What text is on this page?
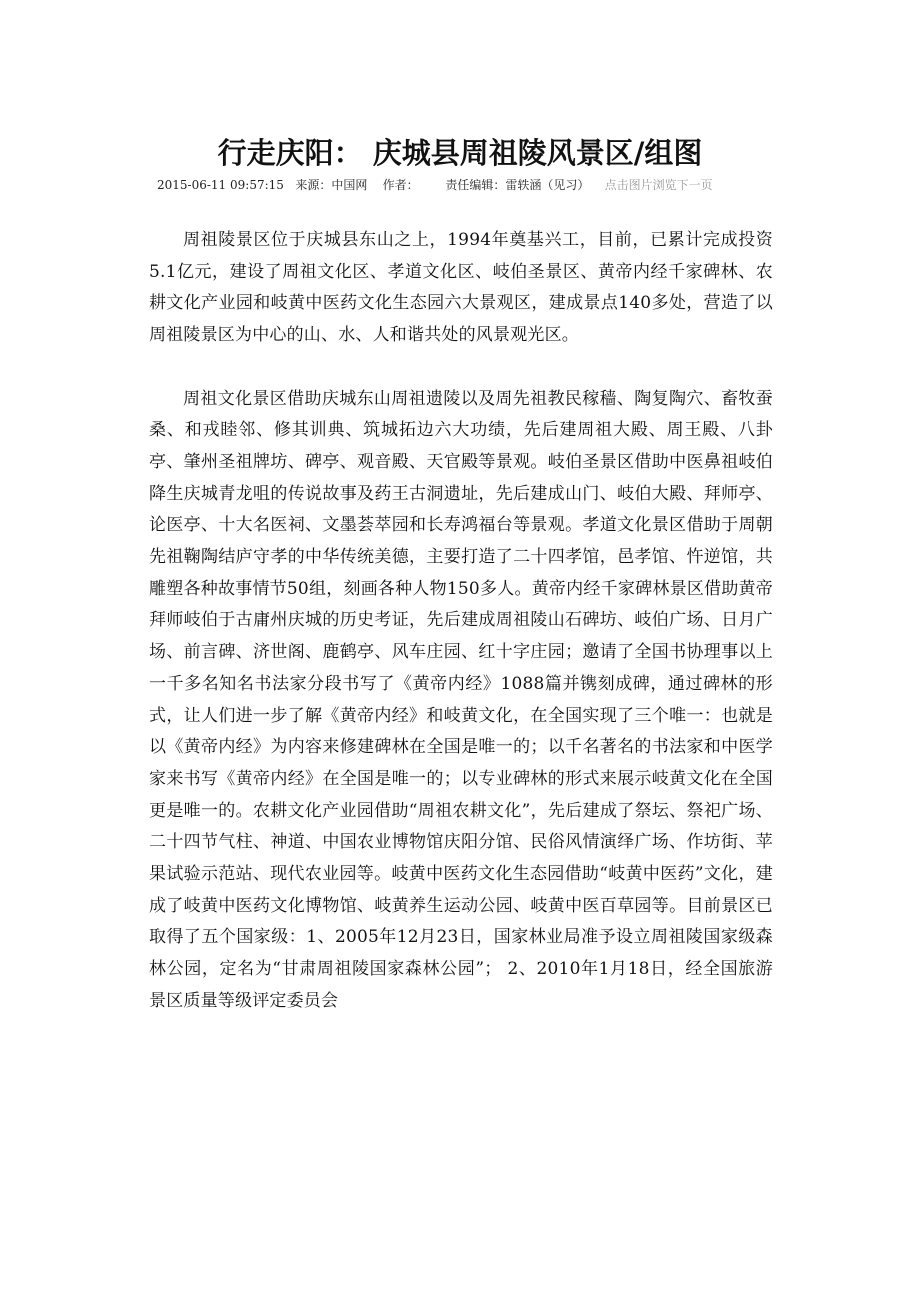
行走庆阳： 庆城县周祖陵风景区/组图
2015-06-11 09:57:15 来源：中国网 作者： 责任编辑：雷轶涵（见习） 点击图片浏览下一页

周祖陵景区位于庆城县东山之上，1994年奠基兴工，目前，已累计完成投资5.1亿元，建设了周祖文化区、孝道文化区、岐伯圣景区、黄帝内经千家碑林、农耕文化产业园和岐黄中医药文化生态园六大景观区，建成景点140多处，营造了以周祖陵景区为中心的山、水、人和谐共处的风景观光区。

周祖文化景区借助庆城东山周祖遗陵以及周先祖教民稼穑、陶复陶穴、畜牧蚕桑、和戎睦邻、修其训典、筑城拓边六大功绩，先后建周祖大殿、周王殿、八卦亭、肇州圣祖牌坊、碑亭、观音殿、天官殿等景观。岐伯圣景区借助中医鼻祖岐伯降生庆城青龙咀的传说故事及药王古洞遗址，先后建成山门、岐伯大殿、拜师亭、论医亭、十大名医祠、文墨荟萃园和长寿鸿福台等景观。孝道文化景区借助于周朝先祖鞠陶结庐守孝的中华传统美德，主要打造了二十四孝馆，邑孝馆、忤逆馆，共雕塑各种故事情节50组，刻画各种人物150多人。黄帝内经千家碑林景区借助黄帝拜师岐伯于古庸州庆城的历史考证，先后建成周祖陵山石碑坊、岐伯广场、日月广场、前言碑、济世阁、鹿鹤亭、风车庄园、红十字庄园；邀请了全国书协理事以上一千多名知名书法家分段书写了《黄帝内经》1088篇并镌刻成碑，通过碑林的形式，让人们进一步了解《黄帝内经》和岐黄文化，在全国实现了三个唯一：也就是以《黄帝内经》为内容来修建碑林在全国是唯一的；以千名著名的书法家和中医学家来书写《黄帝内经》在全国是唯一的；以专业碑林的形式来展示岐黄文化在全国更是唯一的。农耕文化产业园借助“周祖农耕文化”，先后建成了祭坛、祭祀广场、二十四节气柱、神道、中国农业博物馆庆阳分馆、民俗风情演绎广场、作坊街、苹果试验示范站、现代农业园等。岐黄中医药文化生态园借助“岐黄中医药”文化，建成了岐黄中医药文化博物馆、岐黄养生运动公园、岐黄中医百草园等。目前景区已取得了五个国家级：1、2005年12月23日，国家林业局准予设立周祖陵国家级森林公园，定名为“甘肃周祖陵国家森林公园”； 2、2010年1月18日，经全国旅游景区质量等级评定委员会
